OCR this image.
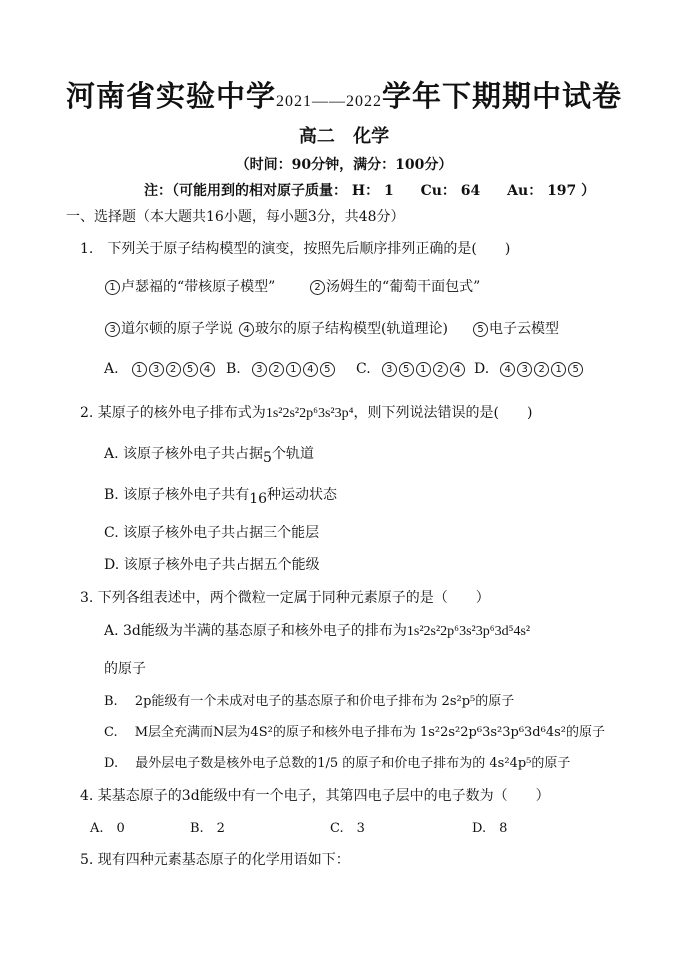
河南省实验中学2021——2022学年下期期中试卷
高二 化学
（时间：90分钟，满分：100分）
注：（可能用到的相对原子质量： H： 1 Cu： 64 Au： 197 ）
一、选择题（本大题共16小题，每小题3分，共48分）
1.　下列关于原子结构模型的演变，按照先后顺序排列正确的是(　　)
1 卢瑟福的“带核原子模型”	2 汤姆生的“葡萄干面包式”
3 道尔顿的原子学说	4 玻尔的原子结构模型(轨道理论)	5 电子云模型
A. 1 3 2 5 4	B. 3 2 1 4 5	C. 3 5 1 2 4 D. 4 3 2 1 5
2. 某原子的核外电子排布式为1s²2s²2p⁶3s²3p⁴，则下列说法错误的是(　　)
A. 该原子核外电子共占据5个轨道
B. 该原子核外电子共有16种运动状态
C. 该原子核外电子共占据三个能层
D. 该原子核外电子共占据五个能级
3. 下列各组表述中，两个微粒一定属于同种元素原子的是（　　）
A. 3d能级为半满的基态原子和核外电子的排布为1s²2s²2p⁶3s²3p⁶3d⁵4s²
的原子
B.　 2p能级有一个未成对电子的基态原子和价电子排布为 2s²p⁵的原子
C.　 M层全充满而N层为4S²的原子和核外电子排布为 1s²2s²2p⁶3s²3p⁶3d⁶4s²的原子
D.　 最外层电子数是核外电子总数的1/5 的原子和价电子排布为的 4s²4p⁵的原子
4. 某基态原子的3d能级中有一个电子，其第四电子层中的电子数为（　　）
A.　0	B.　2	C.　3	D.　8
5. 现有四种元素基态原子的化学用语如下：
